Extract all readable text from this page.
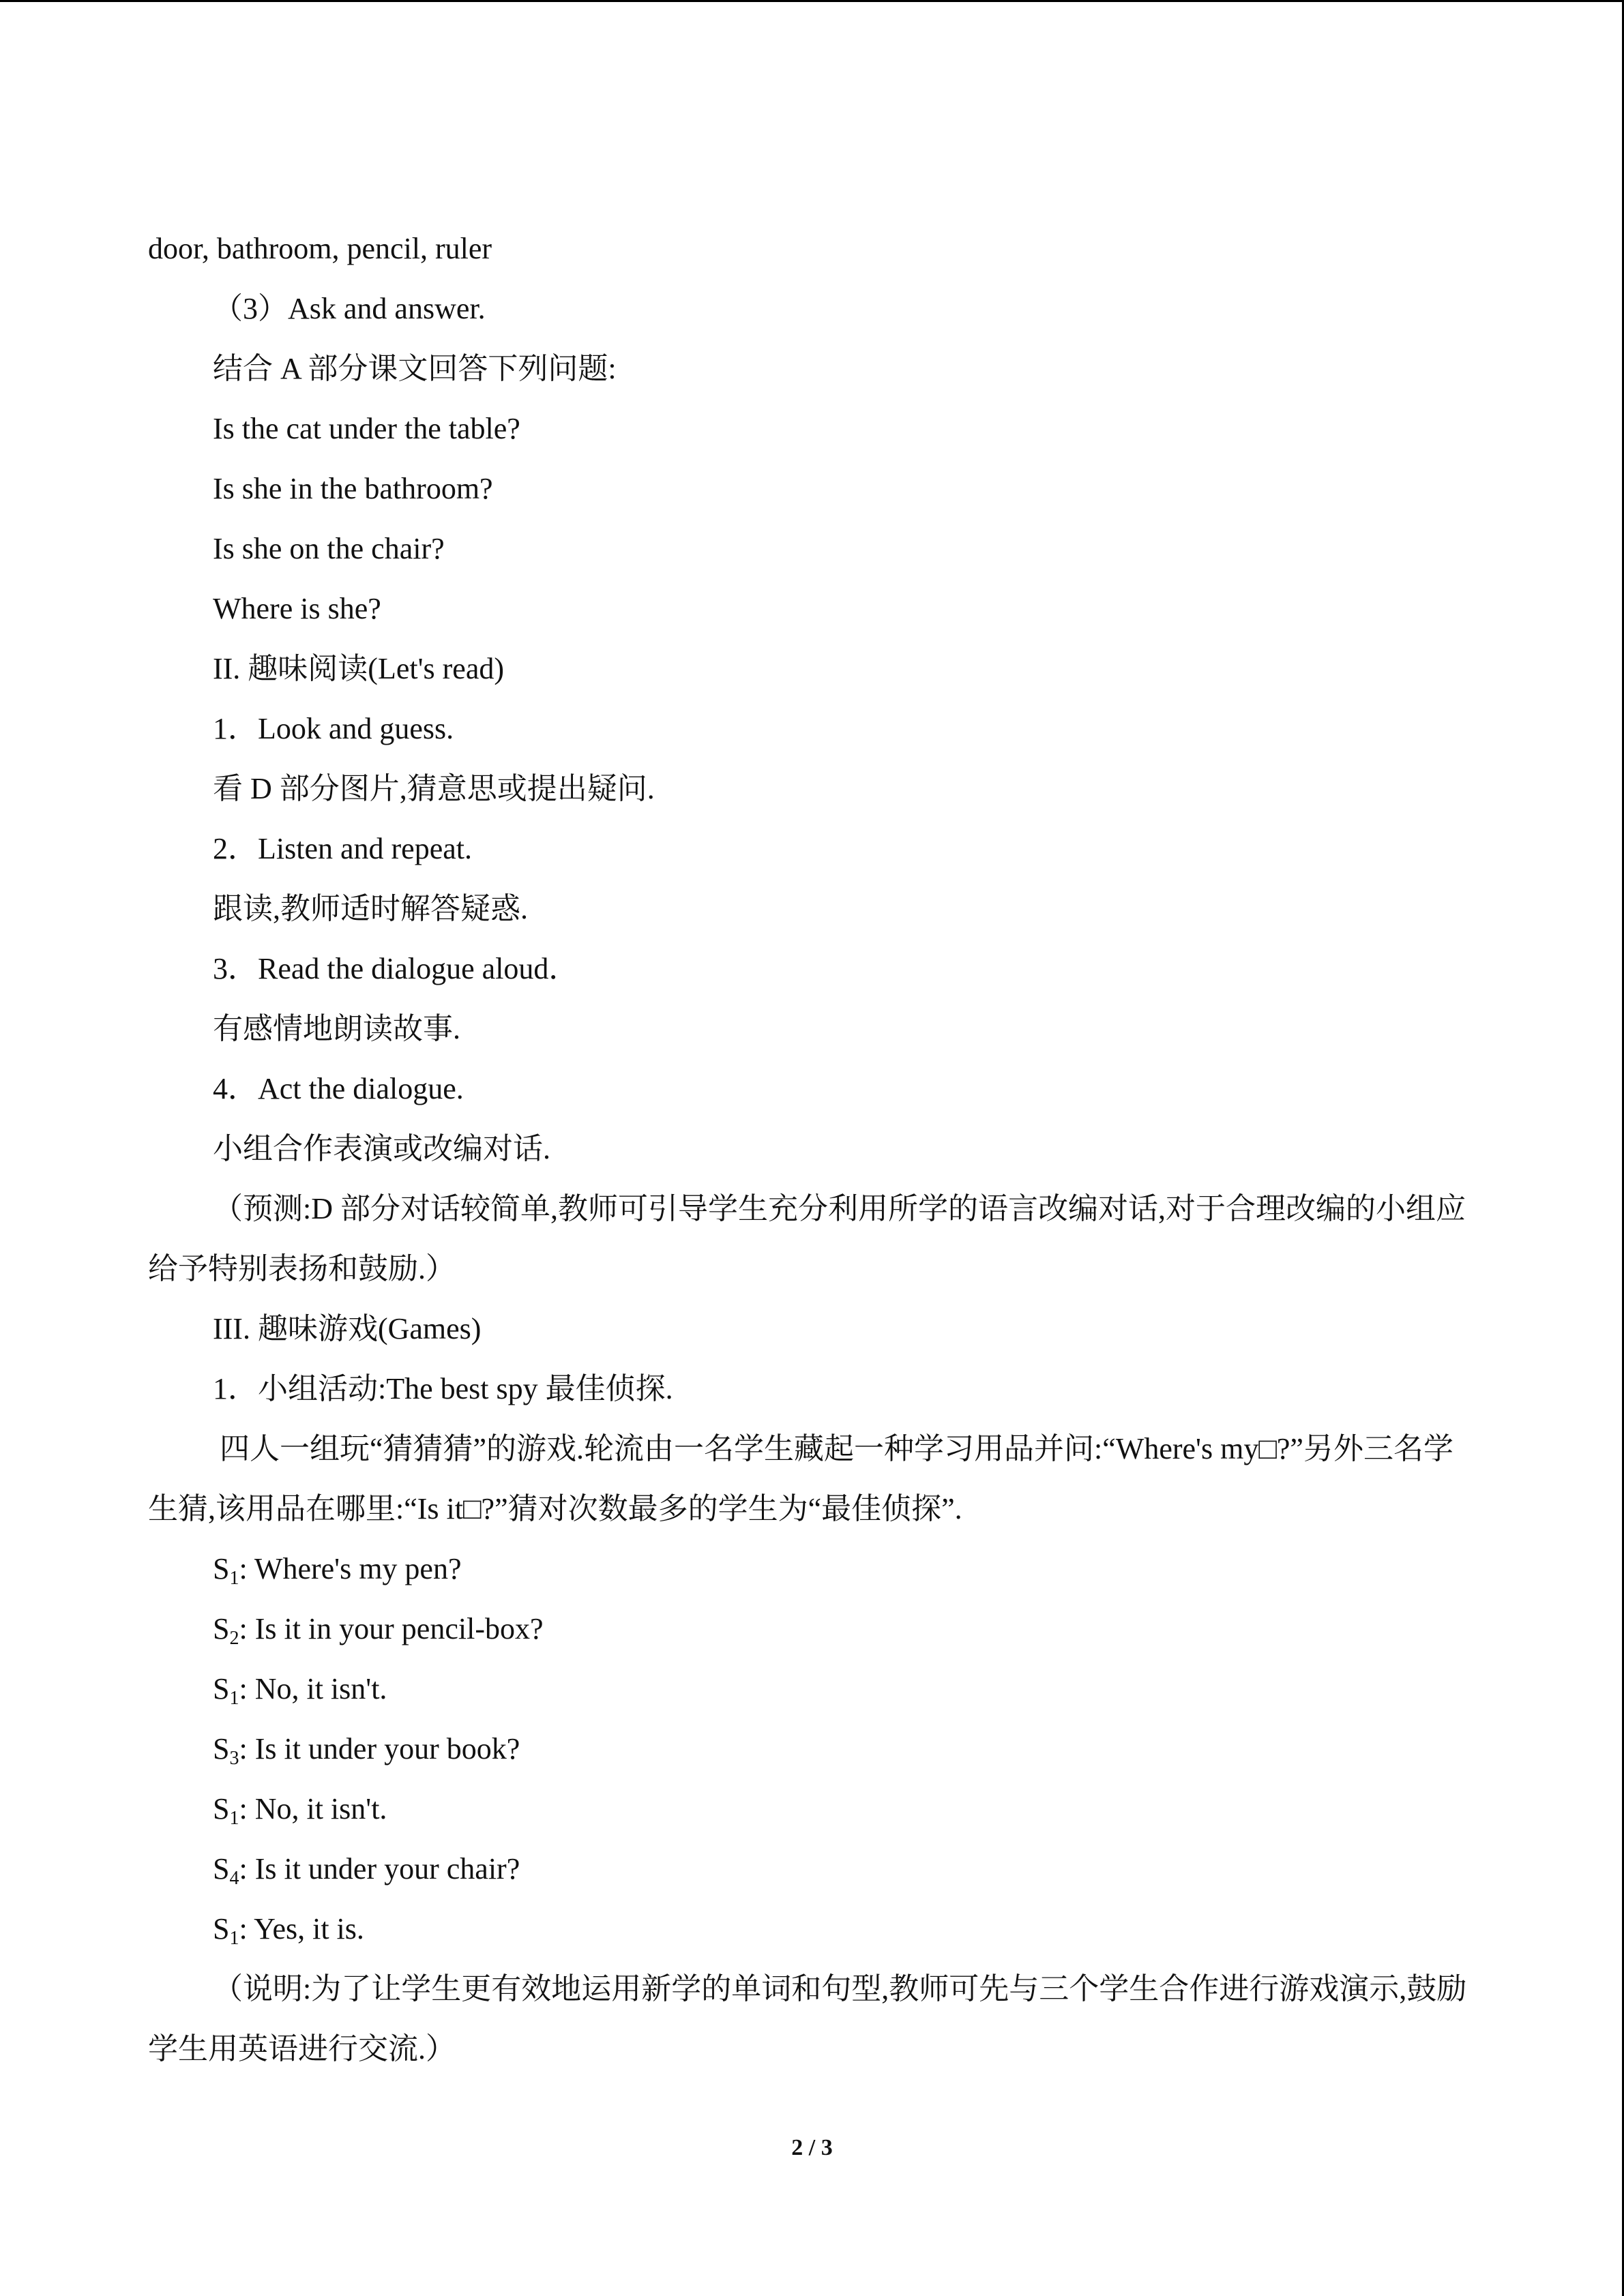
door, bathroom, pencil, ruler
（3）Ask and answer.
结合 A 部分课文回答下列问题:
Is the cat under the table?
Is she in the bathroom?
Is she on the chair?
Where is she?
II. 趣味阅读(Let's read)
1．Look and guess.
看 D 部分图片,猜意思或提出疑问.
2．Listen and repeat.
跟读,教师适时解答疑惑.
3．Read the dialogue aloud．
有感情地朗读故事.
4．Act the dialogue.
小组合作表演或改编对话.
（预测:D 部分对话较简单,教师可引导学生充分利用所学的语言改编对话,对于合理改编的小组应给予特别表扬和鼓励.）
III. 趣味游戏(Games)
1．小组活动:The best spy 最佳侦探.
四人一组玩“猜猜猜”的游戏.轮流由一名学生藏起一种学习用品并问:“Where's my□?”另外三名学生猜,该用品在哪里:“Is it□?”猜对次数最多的学生为“最佳侦探”.
$S_1$: Where's my pen?
$S_2$: Is it in your pencil-box?
$S_1$: No, it isn't.
$S_3$: Is it under your book?
$S_1$: No, it isn't.
$S_4$: Is it under your chair?
$S_1$: Yes, it is.
（说明:为了让学生更有效地运用新学的单词和句型,教师可先与三个学生合作进行游戏演示,鼓励学生用英语进行交流.）
2 / 3
